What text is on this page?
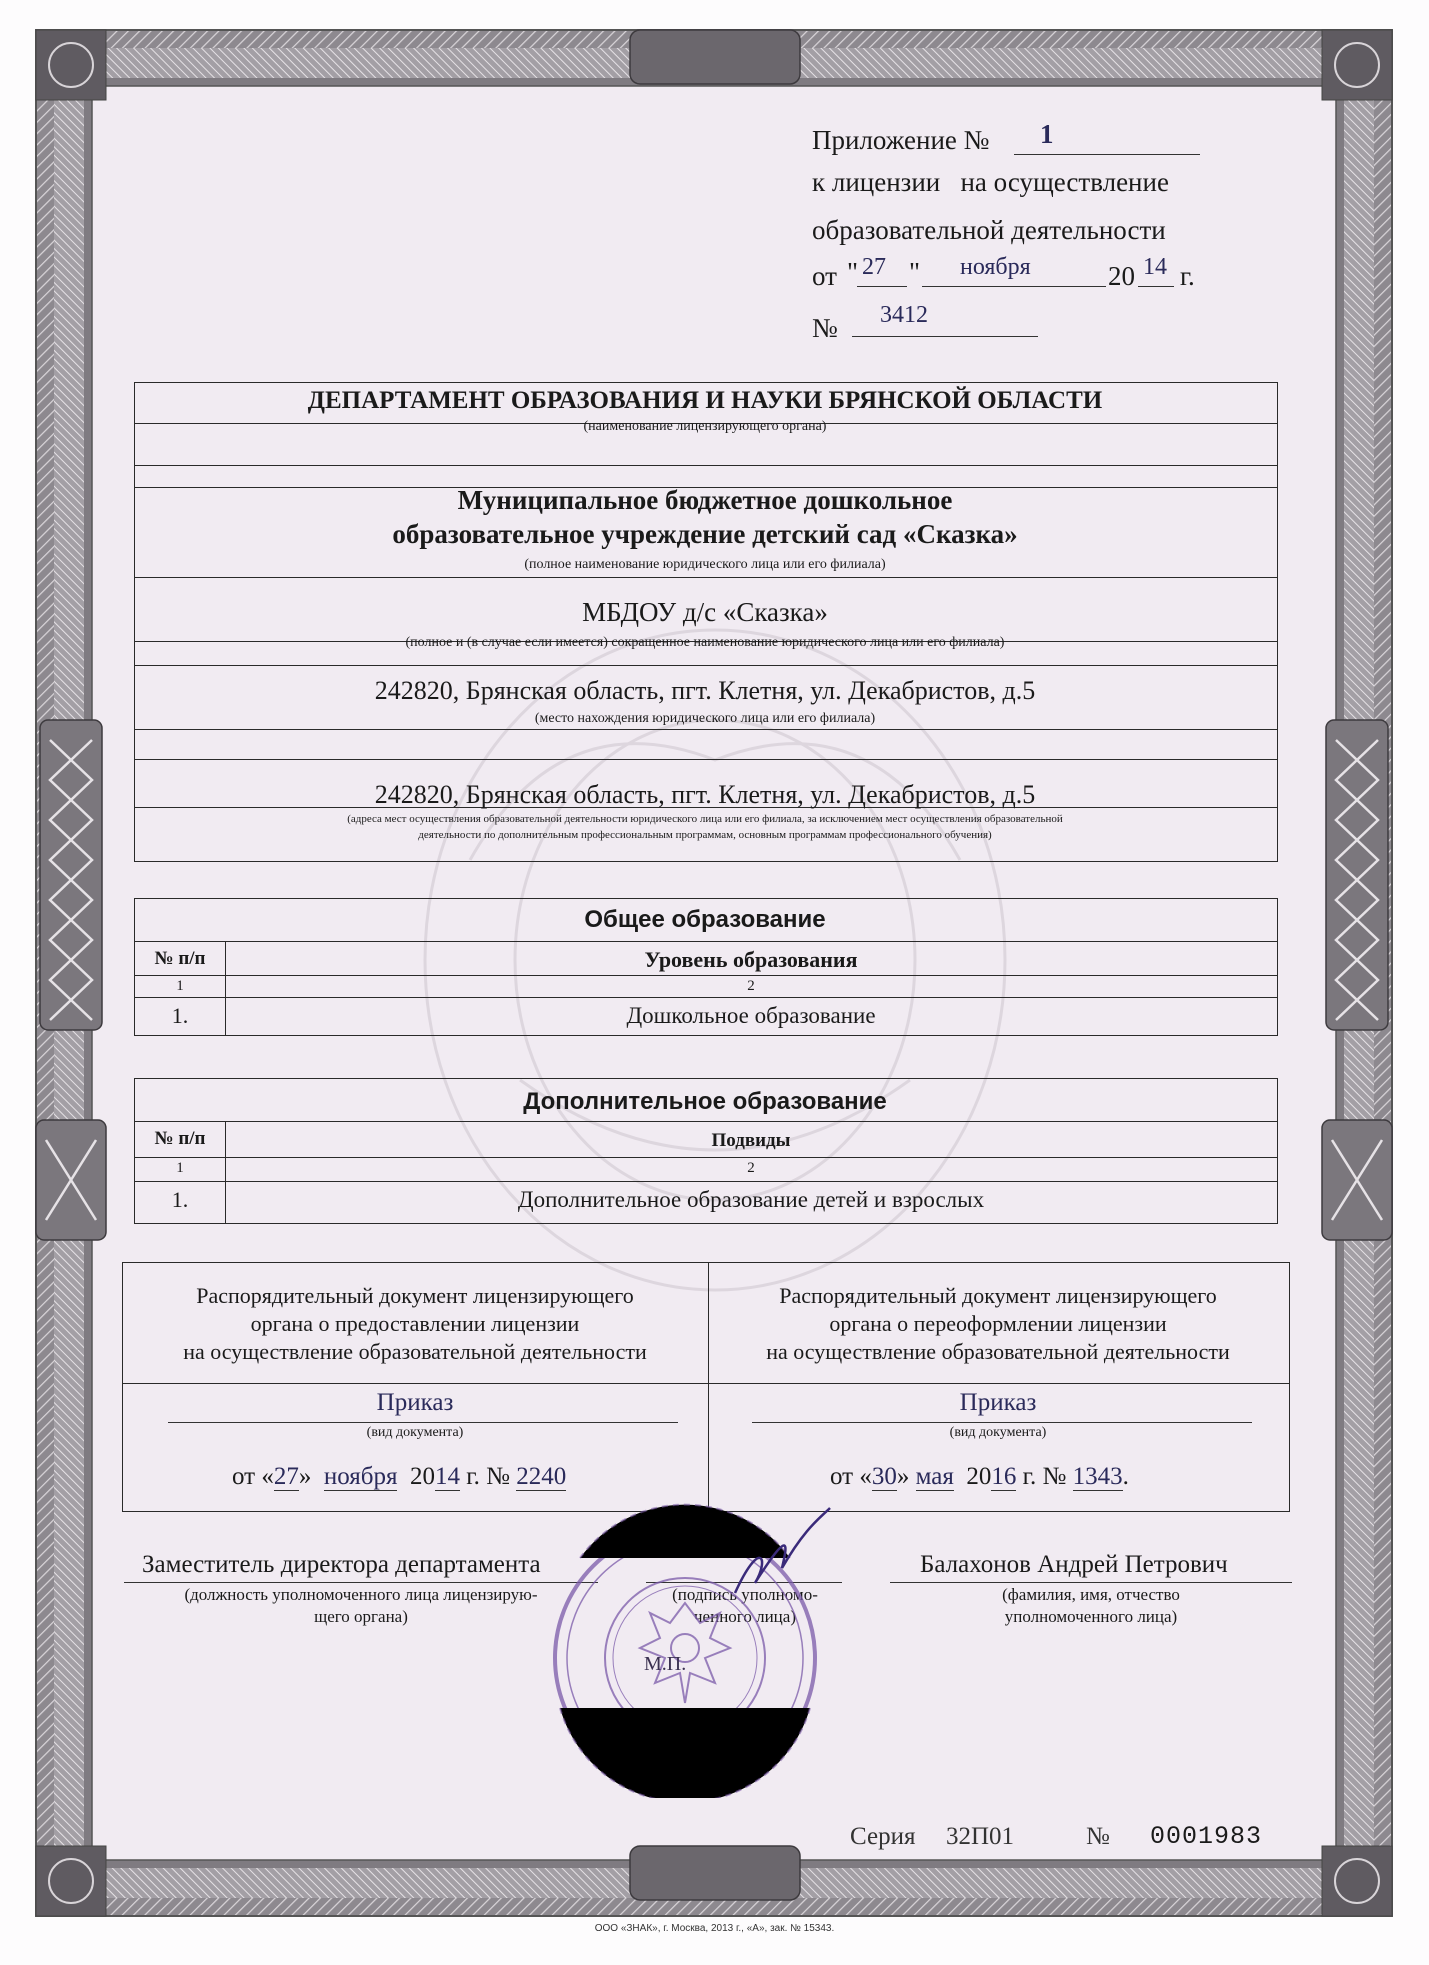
Приложение №	1
к лицензии   на осуществление
образовательной деятельности
от " 27 " ноября	20 14 г.
№ 3412
ДЕПАРТАМЕНТ ОБРАЗОВАНИЯ И НАУКИ БРЯНСКОЙ ОБЛАСТИ
(наименование лицензирующего органа)
Муниципальное бюджетное дошкольное
образовательное учреждение детский сад «Сказка»
(полное наименование юридического лица или его филиала)
МБДОУ д/с «Сказка»
(полное и (в случае если имеется) сокращенное наименование юридического лица или его филиала)
242820, Брянская область, пгт. Клетня, ул. Декабристов, д.5
(место нахождения юридического лица или его филиала)
242820, Брянская область, пгт. Клетня, ул. Декабристов, д.5
(адреса мест осуществления образовательной деятельности юридического лица или его филиала, за исключением мест осуществления образовательной
деятельности по дополнительным профессиональным программам, основным программам профессионального обучения)
Общее образование
№ п/п	Уровень образования
1	2
1.	Дошкольное образование
Дополнительное образование
№ п/п	Подвиды
1	2
1.	Дополнительное образование детей и взрослых
Распорядительный документ лицензирующего
органа о предоставлении лицензии
на осуществление образовательной деятельности
Приказ
(вид документа)
от «27» ноября 2014 г. № 2240
Распорядительный документ лицензирующего
органа о переоформлении лицензии
на осуществление образовательной деятельности
Приказ
(вид документа)
от «30» мая 2016 г. № 1343.
Заместитель директора департамента
(должность уполномоченного лица лицензирую-
щего органа)
(подпись уполномо-
ченного лица)
Балахонов Андрей Петрович
(фамилия, имя, отчество
уполномоченного лица)
М.П.
Серия 32П01	№ 0001983
ООО «ЗНАК», г. Москва, 2013 г., «А», зак. № 15343.
